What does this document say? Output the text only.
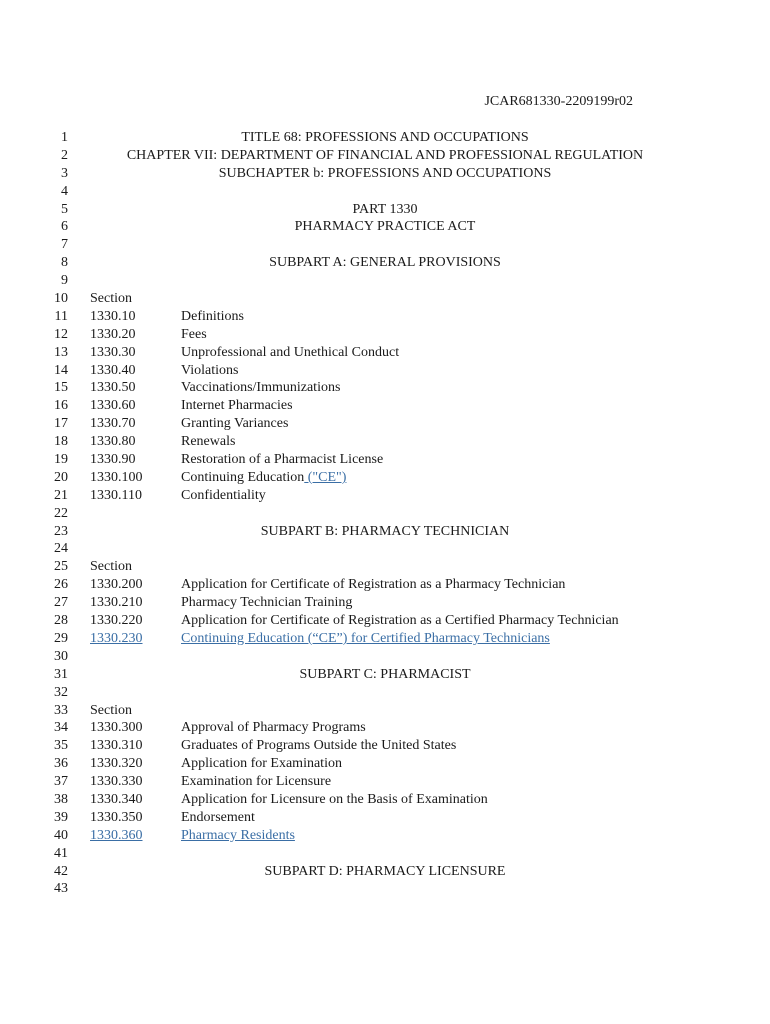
JCAR681330-2209199r02
1	TITLE 68: PROFESSIONS AND OCCUPATIONS
2	CHAPTER VII: DEPARTMENT OF FINANCIAL AND PROFESSIONAL REGULATION
3	SUBCHAPTER b: PROFESSIONS AND OCCUPATIONS
4
5	PART 1330
6	PHARMACY PRACTICE ACT
7
8	SUBPART A: GENERAL PROVISIONS
9
10 Section
11 1330.10	Definitions
12 1330.20	Fees
13 1330.30	Unprofessional and Unethical Conduct
14 1330.40	Violations
15 1330.50	Vaccinations/Immunizations
16 1330.60	Internet Pharmacies
17 1330.70	Granting Variances
18 1330.80	Renewals
19 1330.90	Restoration of a Pharmacist License
20 1330.100	Continuing Education ("CE")
21 1330.110	Confidentiality
22
23	SUBPART B: PHARMACY TECHNICIAN
24
25 Section
26 1330.200	Application for Certificate of Registration as a Pharmacy Technician
27 1330.210	Pharmacy Technician Training
28 1330.220	Application for Certificate of Registration as a Certified Pharmacy Technician
29 1330.230	Continuing Education (“CE”) for Certified Pharmacy Technicians
30
31	SUBPART C: PHARMACIST
32
33 Section
34 1330.300	Approval of Pharmacy Programs
35 1330.310	Graduates of Programs Outside the United States
36 1330.320	Application for Examination
37 1330.330	Examination for Licensure
38 1330.340	Application for Licensure on the Basis of Examination
39 1330.350	Endorsement
40 1330.360	Pharmacy Residents
41
42	SUBPART D: PHARMACY LICENSURE
43
